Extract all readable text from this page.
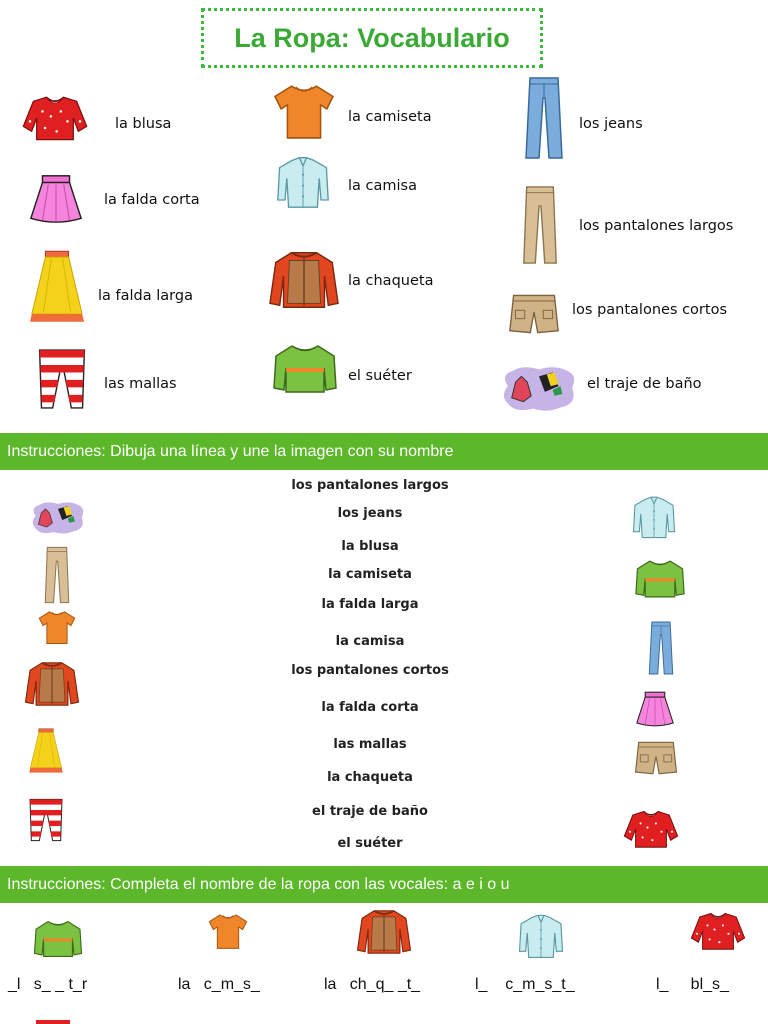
La Ropa: Vocabulario
la blusa
la falda corta
la falda larga
las mallas
la camiseta
la camisa
la chaqueta
el suéter
los jeans
los pantalones largos
los pantalones cortos
el traje de baño
Instrucciones: Dibuja una línea y une la imagen con su nombre
los pantalones largos
los jeans
la blusa
la camiseta
la falda larga
la camisa
los pantalones cortos
la falda corta
las mallas
la chaqueta
el traje de baño
el suéter
Instrucciones: Completa el nombre de la ropa con las vocales: a e i o u
_l   s_ _ t_r	la   c_m_s_	la   ch_q_ _t_	l_    c_m_s_t_	l_     bl_s_
